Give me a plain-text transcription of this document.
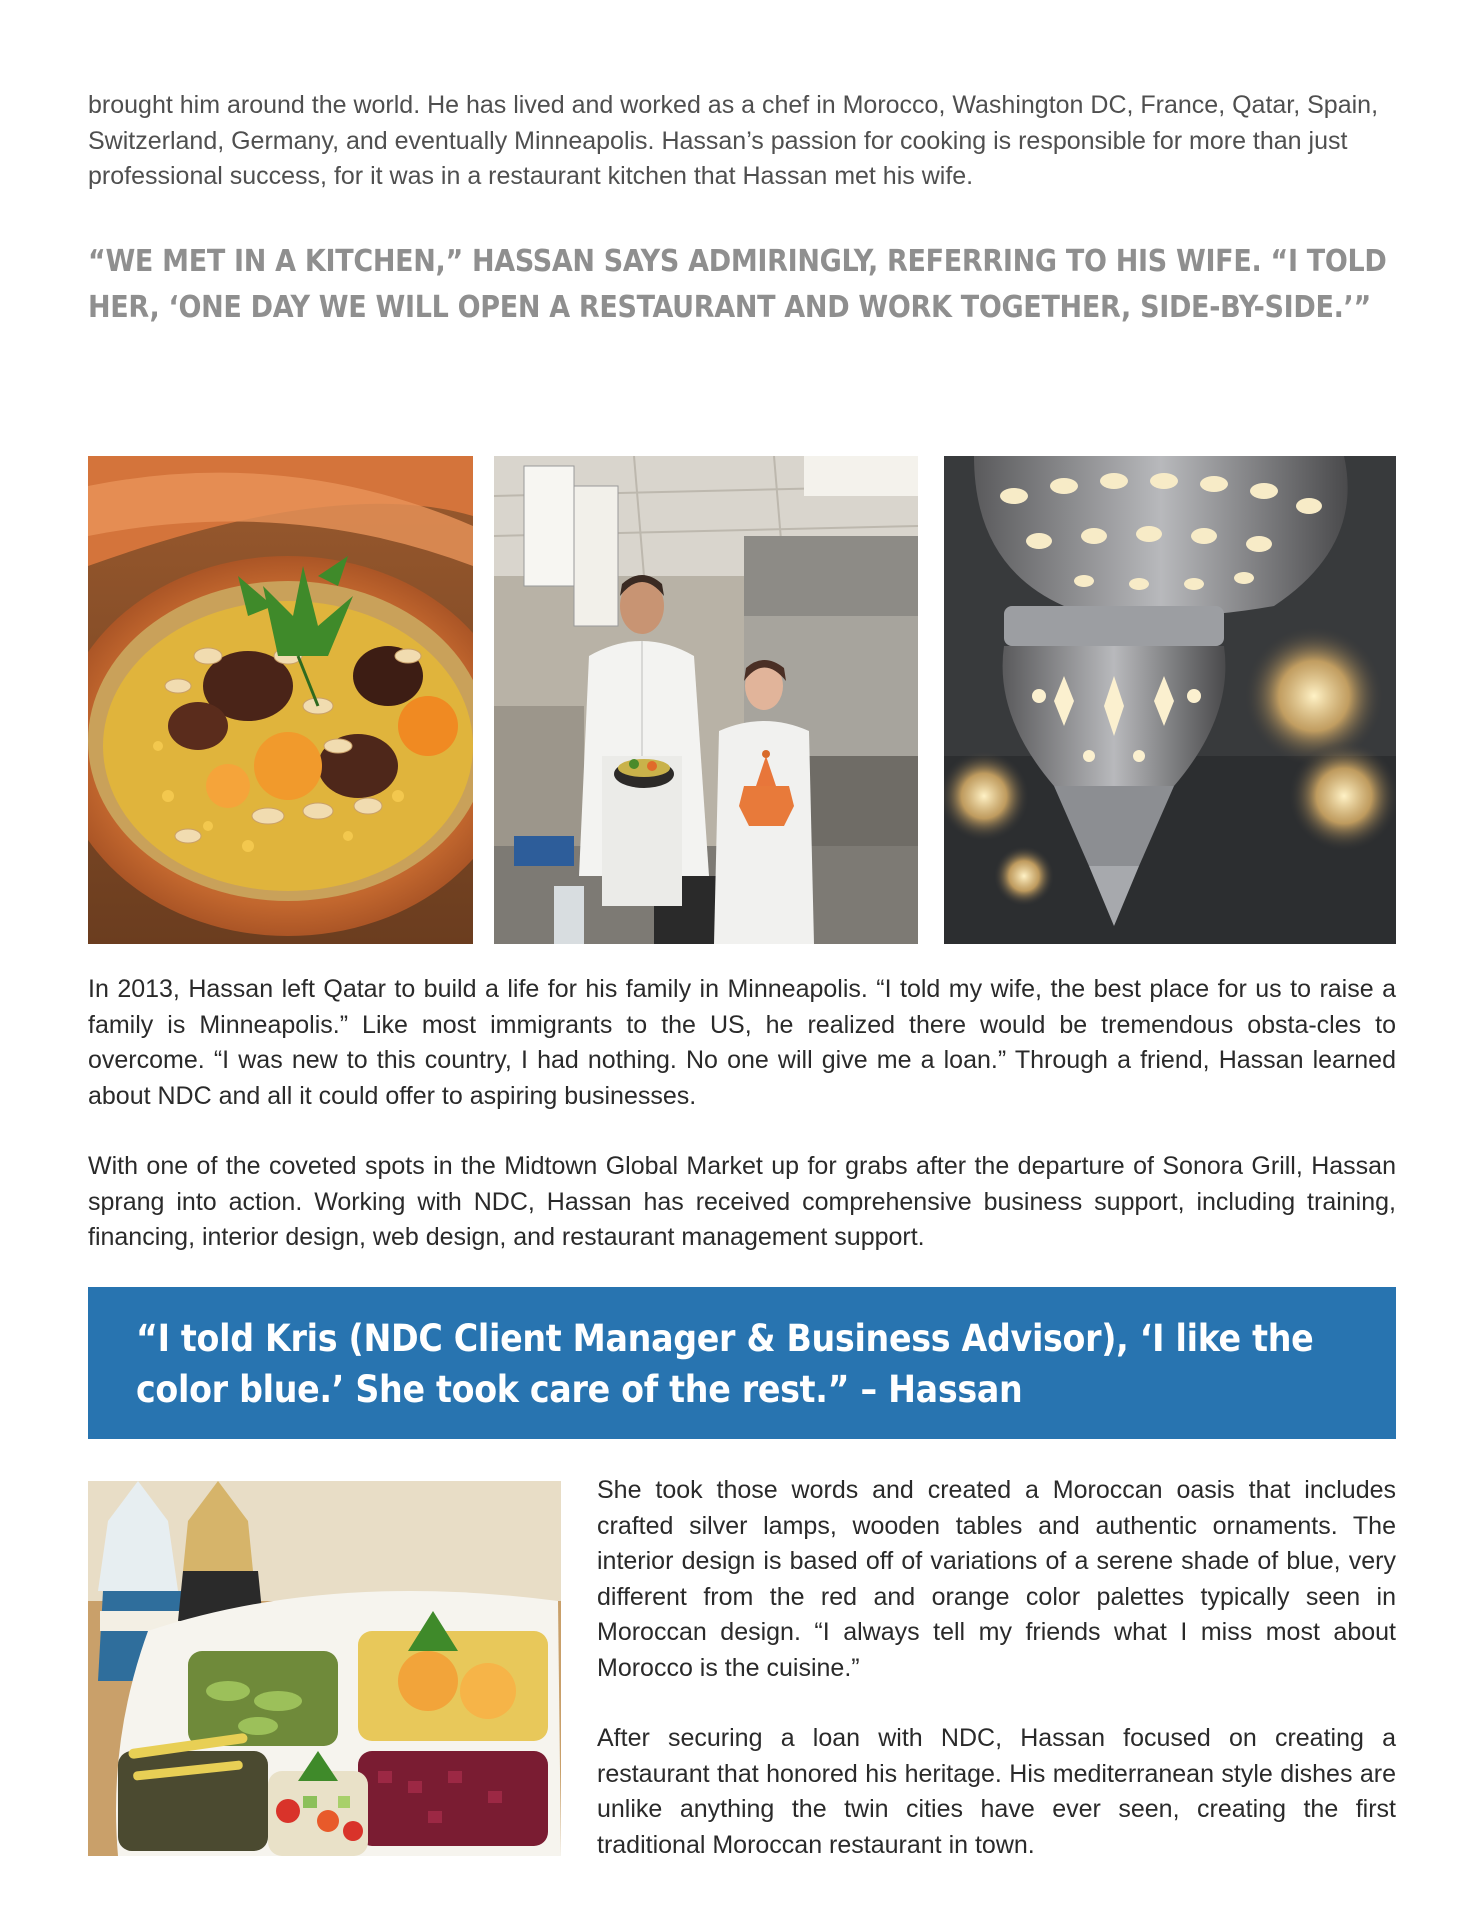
brought him around the world. He has lived and worked as a chef in Morocco, Washington DC, France, Qatar, Spain, Switzerland, Germany, and eventually Minneapolis. Hassan’s passion for cooking is responsible for more than just professional success, for it was in a restaurant kitchen that Hassan met his wife.

“WE MET IN A KITCHEN,” HASSAN SAYS ADMIRINGLY, REFERRING TO HIS WIFE. “I TOLD HER, ‘ONE DAY WE WILL OPEN A RESTAURANT AND WORK TOGETHER, SIDE-BY-SIDE.’”

In 2013, Hassan left Qatar to build a life for his family in Minneapolis. “I told my wife, the best place for us to raise a family is Minneapolis.” Like most immigrants to the US, he realized there would be tremendous obsta-cles to overcome. “I was new to this country, I had nothing. No one will give me a loan.” Through a friend, Hassan learned about NDC and all it could offer to aspiring businesses.

With one of the coveted spots in the Midtown Global Market up for grabs after the departure of Sonora Grill, Hassan sprang into action. Working with NDC, Hassan has received comprehensive business support, including training, financing, interior design, web design, and restaurant management support.

“I told Kris (NDC Client Manager & Business Advisor), ‘I like the color blue.’ She took care of the rest.” – Hassan

She took those words and created a Moroccan oasis that includes crafted silver lamps, wooden tables and authentic ornaments. The interior design is based off of variations of a serene shade of blue, very different from the red and orange color palettes typically seen in Moroccan design. “I always tell my friends what I miss most about Morocco is the cuisine.”

After securing a loan with NDC, Hassan focused on creating a restaurant that honored his heritage. His mediterranean style dishes are unlike anything the twin cities have ever seen, creating the first traditional Moroccan restaurant in town.
